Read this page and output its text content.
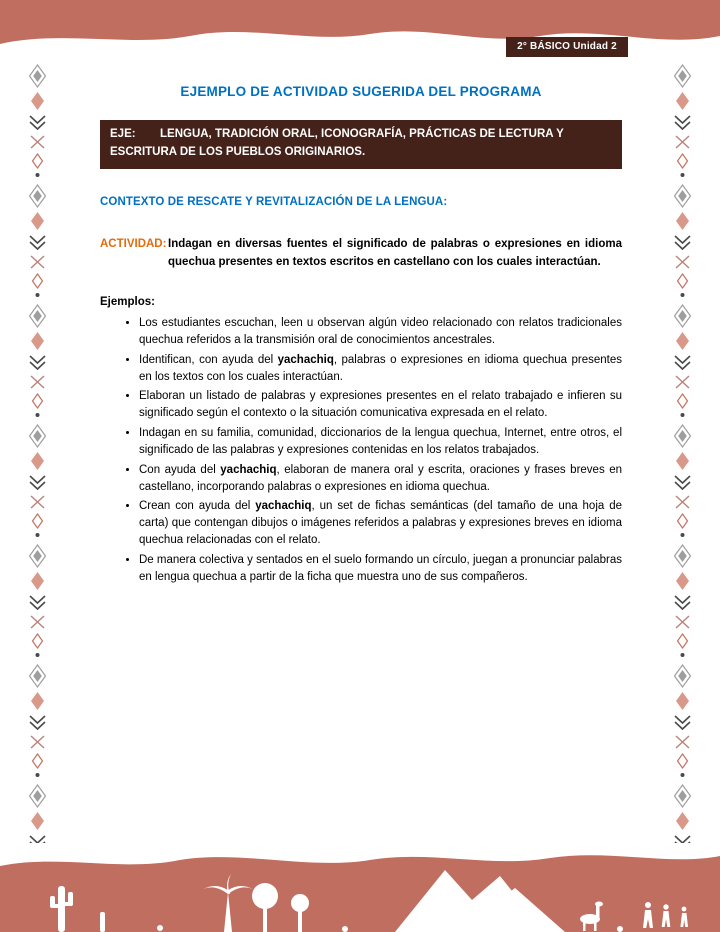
2° BÁSICO Unidad 2
EJEMPLO DE ACTIVIDAD SUGERIDA DEL PROGRAMA
EJE: LENGUA, TRADICIÓN ORAL, ICONOGRAFÍA, PRÁCTICAS DE LECTURA Y ESCRITURA DE LOS PUEBLOS ORIGINARIOS.
CONTEXTO DE RESCATE Y REVITALIZACIÓN DE LA LENGUA:
ACTIVIDAD: Indagan en diversas fuentes el significado de palabras o expresiones en idioma quechua presentes en textos escritos en castellano con los cuales interactúan.
Ejemplos:
• Los estudiantes escuchan, leen u observan algún video relacionado con relatos tradicionales quechua referidos a la transmisión oral de conocimientos ancestrales.
• Identifican, con ayuda del yachachiq, palabras o expresiones en idioma quechua presentes en los textos con los cuales interactúan.
• Elaboran un listado de palabras y expresiones presentes en el relato trabajado e infieren su significado según el contexto o la situación comunicativa expresada en el relato.
• Indagan en su familia, comunidad, diccionarios de la lengua quechua, Internet, entre otros, el significado de las palabras y expresiones contenidas en los relatos trabajados.
• Con ayuda del yachachiq, elaboran de manera oral y escrita, oraciones y frases breves en castellano, incorporando palabras o expresiones en idioma quechua.
• Crean con ayuda del yachachiq, un set de fichas semánticas (del tamaño de una hoja de carta) que contengan dibujos o imágenes referidos a palabras y expresiones breves en idioma quechua relacionadas con el relato.
• De manera colectiva y sentados en el suelo formando un círculo, juegan a pronunciar palabras en lengua quechua a partir de la ficha que muestra uno de sus compañeros.
